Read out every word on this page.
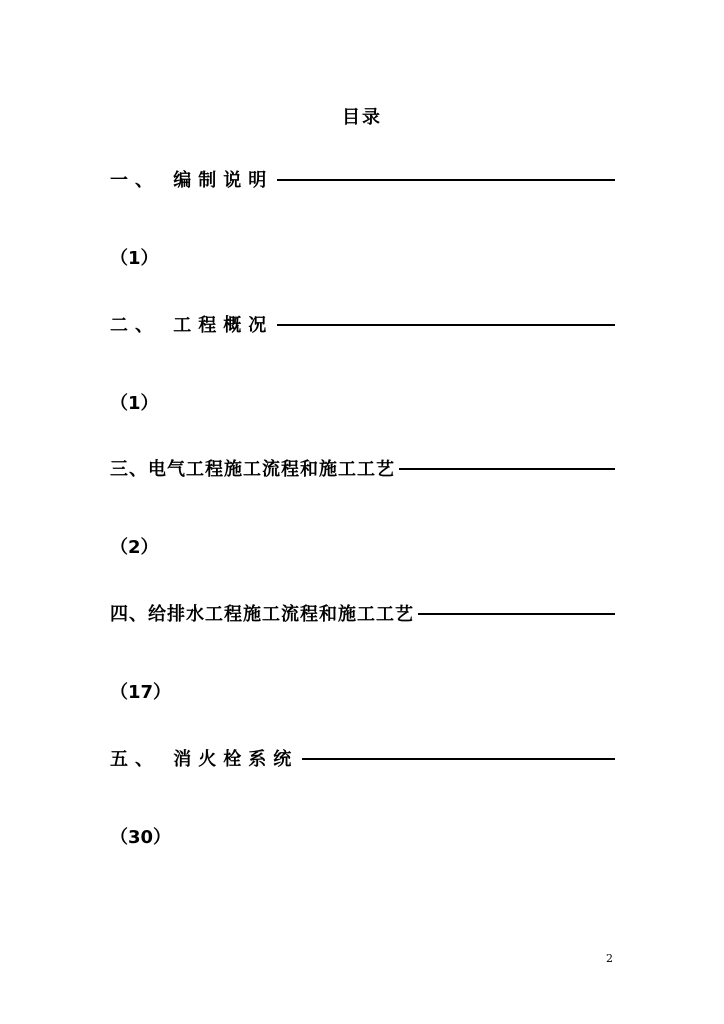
目录
一、 编制说明
（1）
二、 工程概况
（1）
三、电气工程施工流程和施工工艺
（2）
四、给排水工程施工流程和施工工艺
（17）
五、 消火栓系统
（30）
2
